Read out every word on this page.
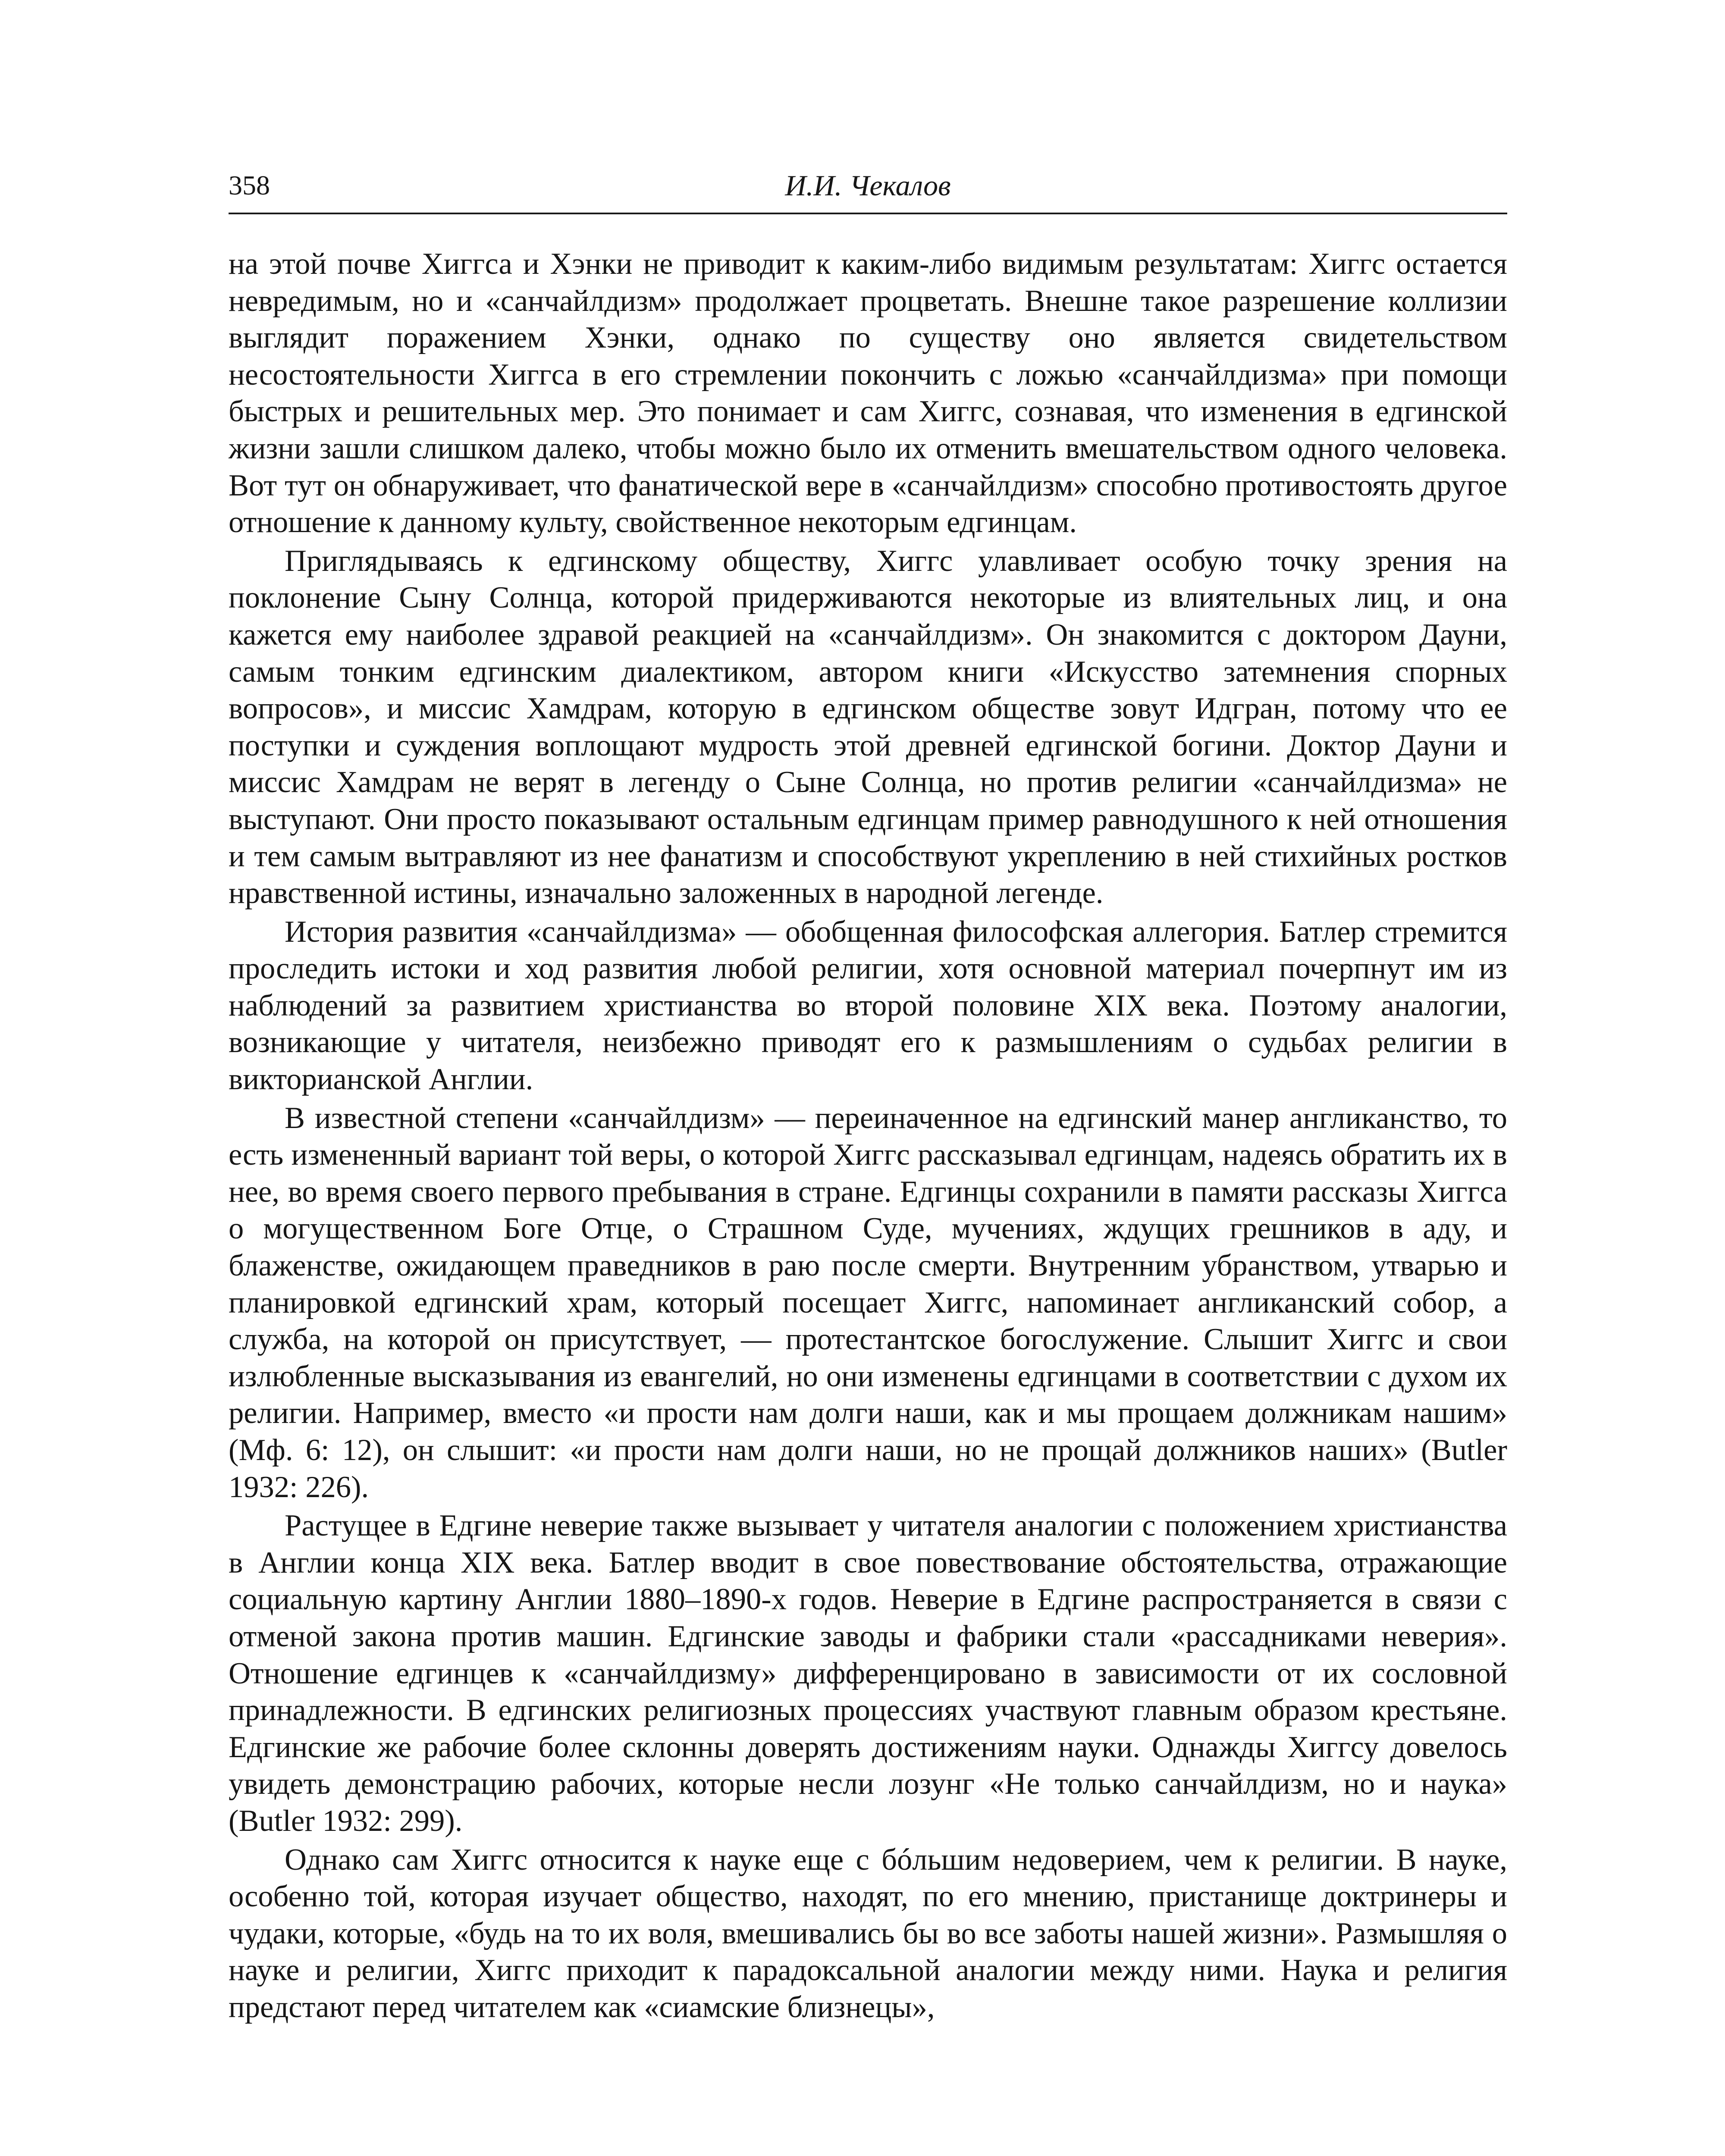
358	И.И. Чекалов

на этой почве Хиггса и Хэнки не приводит к каким-либо видимым результатам: Хиггс остается невредимым, но и «санчайлдизм» продолжает процветать. Внешне такое разрешение коллизии выглядит поражением Хэнки, однако по существу оно является свидетельством несостоятельности Хиггса в его стремлении покончить с ложью «санчайлдизма» при помощи быстрых и решительных мер. Это понимает и сам Хиггс, сознавая, что изменения в едгинской жизни зашли слишком далеко, чтобы можно было их отменить вмешательством одного человека. Вот тут он обнаруживает, что фанатической вере в «санчайлдизм» способно противостоять другое отношение к данному культу, свойственное некоторым едгинцам.

Приглядываясь к едгинскому обществу, Хиггс улавливает особую точку зрения на поклонение Сыну Солнца, которой придерживаются некоторые из влиятельных лиц, и она кажется ему наиболее здравой реакцией на «санчайлдизм». Он знакомится с доктором Дауни, самым тонким едгинским диалектиком, автором книги «Искусство затемнения спорных вопросов», и миссис Хамдрам, которую в едгинском обществе зовут Идгран, потому что ее поступки и суждения воплощают мудрость этой древней едгинской богини. Доктор Дауни и миссис Хамдрам не верят в легенду о Сыне Солнца, но против религии «санчайлдизма» не выступают. Они просто показывают остальным едгинцам пример равнодушного к ней отношения и тем самым вытравляют из нее фанатизм и способствуют укреплению в ней стихийных ростков нравственной истины, изначально заложенных в народной легенде.

История развития «санчайлдизма» — обобщенная философская аллегория. Батлер стремится проследить истоки и ход развития любой религии, хотя основной материал почерпнут им из наблюдений за развитием христианства во второй половине XIX века. Поэтому аналогии, возникающие у читателя, неизбежно приводят его к размышлениям о судьбах религии в викторианской Англии.

В известной степени «санчайлдизм» — переиначенное на едгинский манер англиканство, то есть измененный вариант той веры, о которой Хиггс рассказывал едгинцам, надеясь обратить их в нее, во время своего первого пребывания в стране. Едгинцы сохранили в памяти рассказы Хиггса о могущественном Боге Отце, о Страшном Суде, мучениях, ждущих грешников в аду, и блаженстве, ожидающем праведников в раю после смерти. Внутренним убранством, утварью и планировкой едгинский храм, который посещает Хиггс, напоминает англиканский собор, а служба, на которой он присутствует, — протестантское богослужение. Слышит Хиггс и свои излюбленные высказывания из евангелий, но они изменены едгинцами в соответствии с духом их религии. Например, вместо «и прости нам долги наши, как и мы прощаем должникам нашим» (Мф. 6: 12), он слышит: «и прости нам долги наши, но не прощай должников наших» (Butler 1932: 226).

Растущее в Едгине неверие также вызывает у читателя аналогии с положением христианства в Англии конца XIX века. Батлер вводит в свое повествование обстоятельства, отражающие социальную картину Англии 1880–1890-х годов. Неверие в Едгине распространяется в связи с отменой закона против машин. Едгинские заводы и фабрики стали «рассадниками неверия». Отношение едгинцев к «санчайлдизму» дифференцировано в зависимости от их сословной принадлежности. В едгинских религиозных процессиях участвуют главным образом крестьяне. Едгинские же рабочие более склонны доверять достижениям науки. Однажды Хиггсу довелось увидеть демонстрацию рабочих, которые несли лозунг «Не только санчайлдизм, но и наука» (Butler 1932: 299).

Однако сам Хиггс относится к науке еще с бóльшим недоверием, чем к религии. В науке, особенно той, которая изучает общество, находят, по его мнению, пристанище доктринеры и чудаки, которые, «будь на то их воля, вмешивались бы во все заботы нашей жизни». Размышляя о науке и религии, Хиггс приходит к парадоксальной аналогии между ними. Наука и религия предстают перед читателем как «сиамские близнецы»,
